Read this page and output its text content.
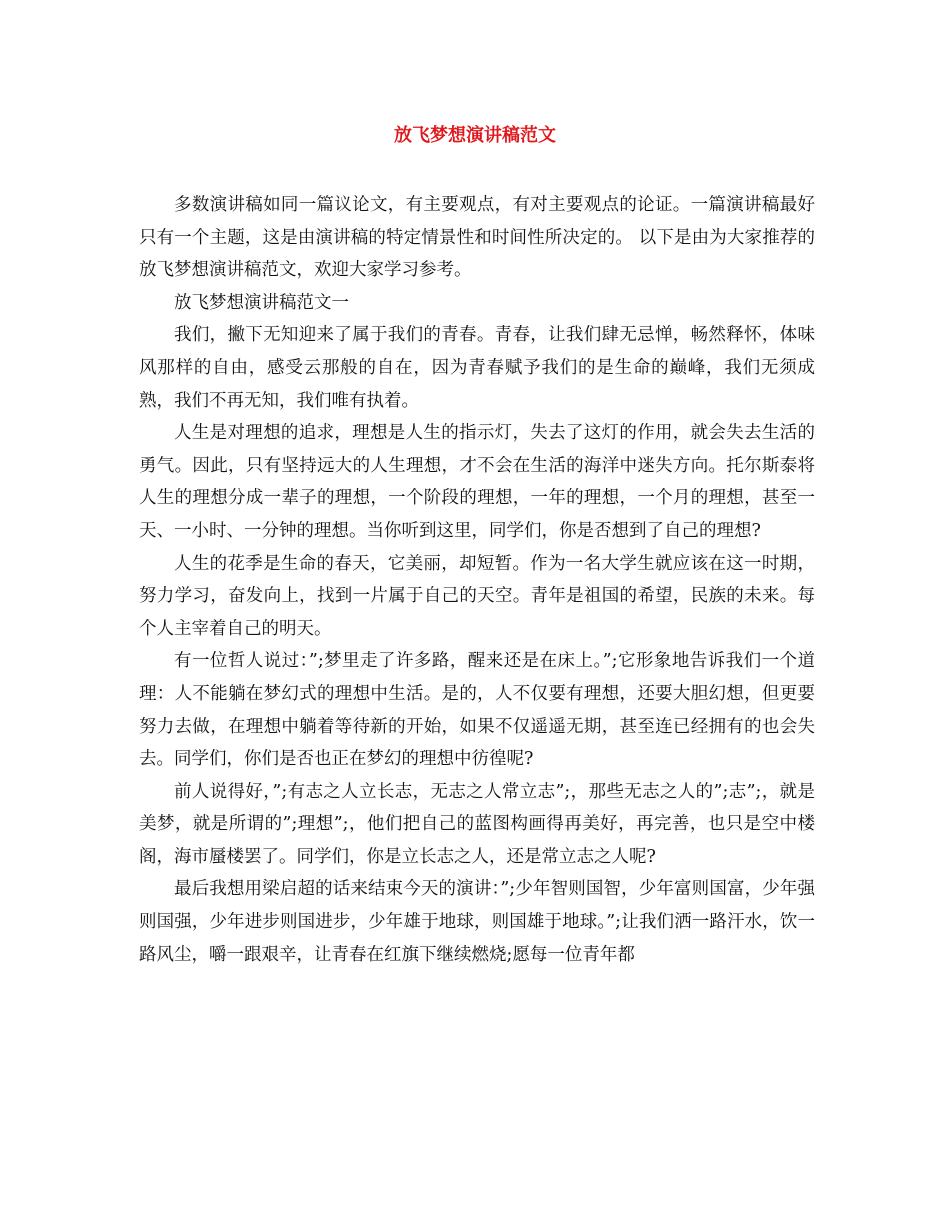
放飞梦想演讲稿范文

多数演讲稿如同一篇议论文，有主要观点，有对主要观点的论证。一篇演讲稿最好只有一个主题，这是由演讲稿的特定情景性和时间性所决定的。 以下是由为大家推荐的放飞梦想演讲稿范文，欢迎大家学习参考。

放飞梦想演讲稿范文一

我们，撇下无知迎来了属于我们的青春。青春，让我们肆无忌惮，畅然释怀，体味风那样的自由，感受云那般的自在，因为青春赋予我们的是生命的巅峰，我们无须成熟，我们不再无知，我们唯有执着。

人生是对理想的追求，理想是人生的指示灯，失去了这灯的作用，就会失去生活的勇气。因此，只有坚持远大的人生理想，才不会在生活的海洋中迷失方向。托尔斯泰将人生的理想分成一辈子的理想，一个阶段的理想，一年的理想，一个月的理想，甚至一天、一小时、一分钟的理想。当你听到这里，同学们，你是否想到了自己的理想?

人生的花季是生命的春天，它美丽，却短暂。作为一名大学生就应该在这一时期，努力学习，奋发向上，找到一片属于自己的天空。青年是祖国的希望，民族的未来。每个人主宰着自己的明天。

有一位哲人说过：”;梦里走了许多路，醒来还是在床上。”;它形象地告诉我们一个道理：人不能躺在梦幻式的理想中生活。是的，人不仅要有理想，还要大胆幻想，但更要努力去做，在理想中躺着等待新的开始，如果不仅遥遥无期，甚至连已经拥有的也会失去。同学们，你们是否也正在梦幻的理想中彷徨呢?

前人说得好，”;有志之人立长志，无志之人常立志”;，那些无志之人的”;志”;，就是美梦，就是所谓的”;理想”;，他们把自己的蓝图构画得再美好，再完善，也只是空中楼阁，海市蜃楼罢了。同学们，你是立长志之人，还是常立志之人呢?

最后我想用梁启超的话来结束今天的演讲：”;少年智则国智，少年富则国富，少年强则国强，少年进步则国进步，少年雄于地球，则国雄于地球。”;让我们洒一路汗水，饮一路风尘，嚼一跟艰辛，让青春在红旗下继续燃烧;愿每一位青年都
